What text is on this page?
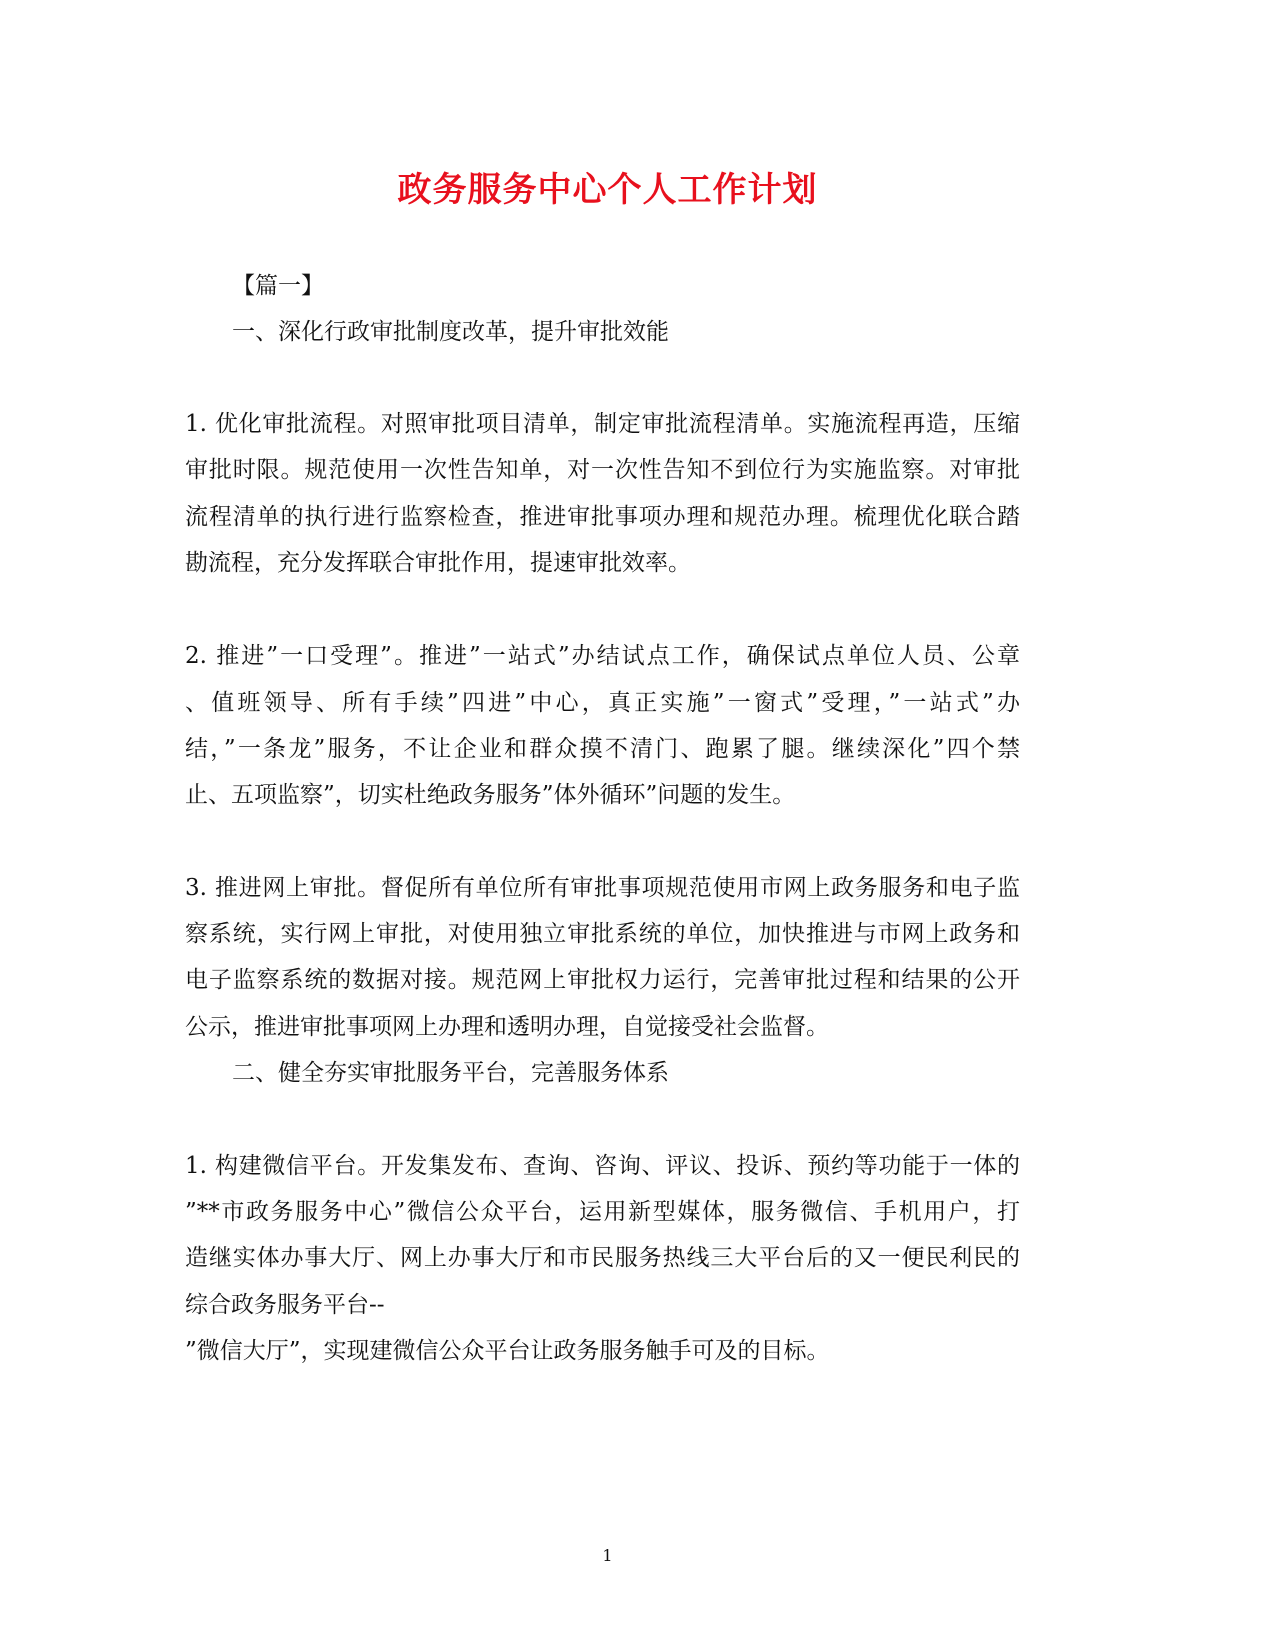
政务服务中心个人工作计划
【篇一】
一、深化行政审批制度改革，提升审批效能
1. 优化审批流程。对照审批项目清单，制定审批流程清单。实施流程再造，压缩
审批时限。规范使用一次性告知单，对一次性告知不到位行为实施监察。对审批
流程清单的执行进行监察检查，推进审批事项办理和规范办理。梳理优化联合踏
勘流程，充分发挥联合审批作用，提速审批效率。
2. 推进”一口受理”。推进”一站式”办结试点工作，确保试点单位人员、公章
、值班领导、所有手续”四进”中心，真正实施”一窗式”受理，”一站式”办
结，”一条龙”服务，不让企业和群众摸不清门、跑累了腿。继续深化”四个禁
止、五项监察”，切实杜绝政务服务”体外循环”问题的发生。
3. 推进网上审批。督促所有单位所有审批事项规范使用市网上政务服务和电子监
察系统，实行网上审批，对使用独立审批系统的单位，加快推进与市网上政务和
电子监察系统的数据对接。规范网上审批权力运行，完善审批过程和结果的公开
公示，推进审批事项网上办理和透明办理，自觉接受社会监督。
二、健全夯实审批服务平台，完善服务体系
1. 构建微信平台。开发集发布、查询、咨询、评议、投诉、预约等功能于一体的
”**市政务服务中心”微信公众平台，运用新型媒体，服务微信、手机用户，打
造继实体办事大厅、网上办事大厅和市民服务热线三大平台后的又一便民利民的
综合政务服务平台--
”微信大厅”，实现建微信公众平台让政务服务触手可及的目标。
1
